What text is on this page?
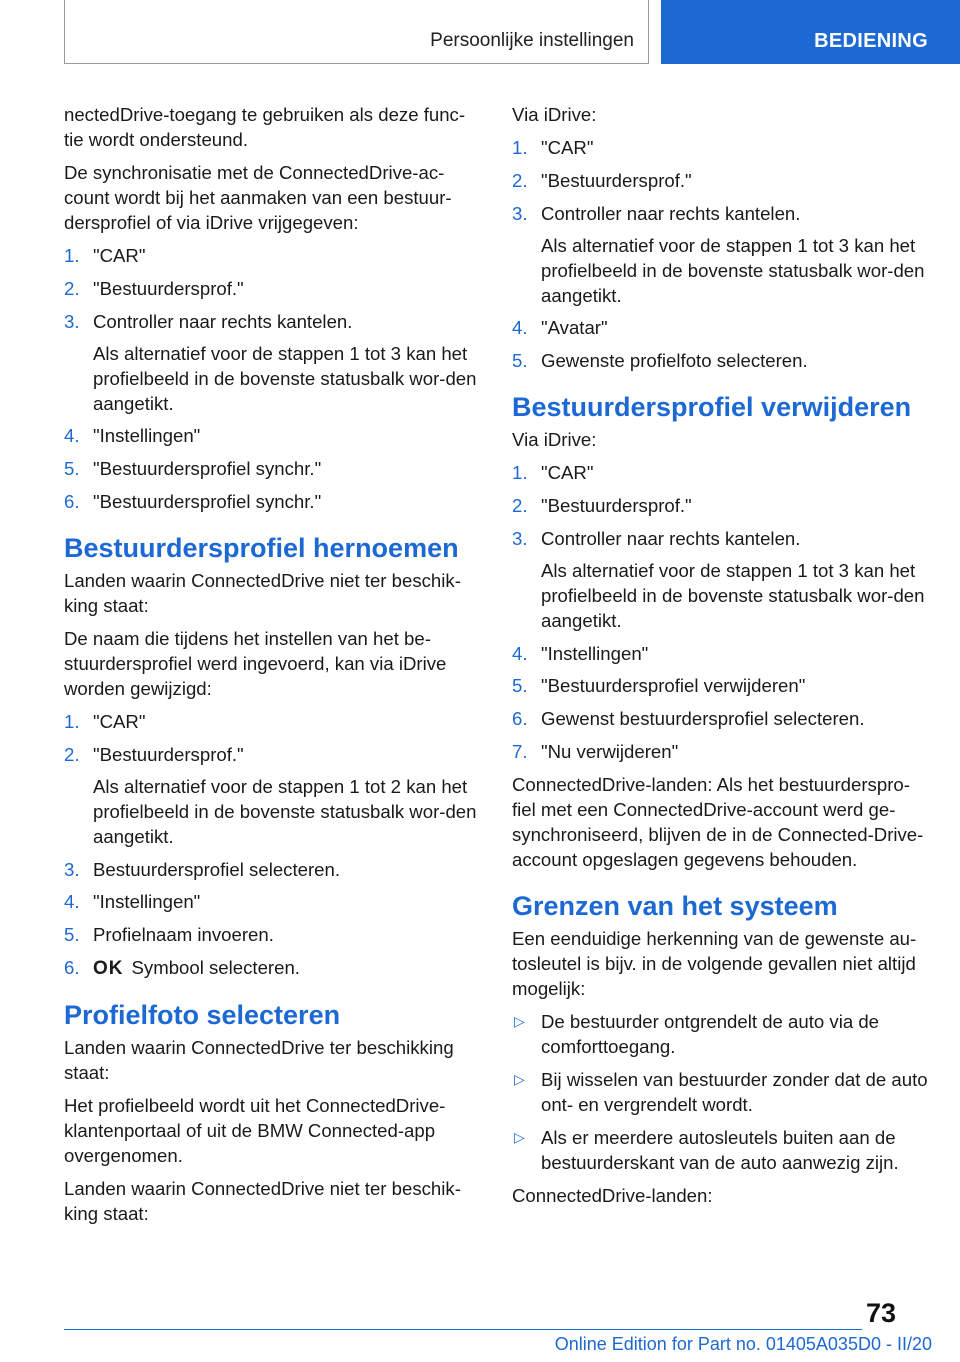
Persoonlijke instellingen	BEDIENING

nectedDrive-toegang te gebruiken als deze func-tie wordt ondersteund.

De synchronisatie met de ConnectedDrive-ac-count wordt bij het aanmaken van een bestuur-dersprofiel of via iDrive vrijgegeven:

1. "CAR"
2. "Bestuurdersprof."
3. Controller naar rechts kantelen.
Als alternatief voor de stappen 1 tot 3 kan het profielbeeld in de bovenste statusbalk wor-den aangetikt.
4. "Instellingen"
5. "Bestuurdersprofiel synchr."
6. "Bestuurdersprofiel synchr."
Bestuurdersprofiel hernoemen

Landen waarin ConnectedDrive niet ter beschik-king staat:

De naam die tijdens het instellen van het be-stuurdersprofiel werd ingevoerd, kan via iDrive worden gewijzigd:

1. "CAR"
2. "Bestuurdersprof."
Als alternatief voor de stappen 1 tot 2 kan het profielbeeld in de bovenste statusbalk wor-den aangetikt.
3. Bestuurdersprofiel selecteren.
4. "Instellingen"
5. Profielnaam invoeren.
6. OK Symbool selecteren.
Profielfoto selecteren

Landen waarin ConnectedDrive ter beschikking staat:

Het profielbeeld wordt uit het ConnectedDrive-klantenportaal of uit de BMW Connected-app overgenomen.

Landen waarin ConnectedDrive niet ter beschik-king staat:

Via iDrive:

1. "CAR"
2. "Bestuurdersprof."
3. Controller naar rechts kantelen.
Als alternatief voor de stappen 1 tot 3 kan het profielbeeld in de bovenste statusbalk wor-den aangetikt.
4. "Avatar"
5. Gewenste profielfoto selecteren.
Bestuurdersprofiel verwijderen

Via iDrive:

1. "CAR"
2. "Bestuurdersprof."
3. Controller naar rechts kantelen.
Als alternatief voor de stappen 1 tot 3 kan het profielbeeld in de bovenste statusbalk wor-den aangetikt.
4. "Instellingen"
5. "Bestuurdersprofiel verwijderen"
6. Gewenst bestuurdersprofiel selecteren.
7. "Nu verwijderen"

ConnectedDrive-landen: Als het bestuurderspro-fiel met een ConnectedDrive-account werd ge-synchroniseerd, blijven de in de Connected-Drive-account opgeslagen gegevens behouden.

Grenzen van het systeem

Een eenduidige herkenning van de gewenste au-tosleutel is bijv. in de volgende gevallen niet altijd mogelijk:

▷ De bestuurder ontgrendelt de auto via de comforttoegang.
▷ Bij wisselen van bestuurder zonder dat de auto ont- en vergrendelt wordt.
▷ Als er meerdere autosleutels buiten aan de bestuurderskant van de auto aanwezig zijn.

ConnectedDrive-landen:

73
Online Edition for Part no. 01405A035D0 - II/20
